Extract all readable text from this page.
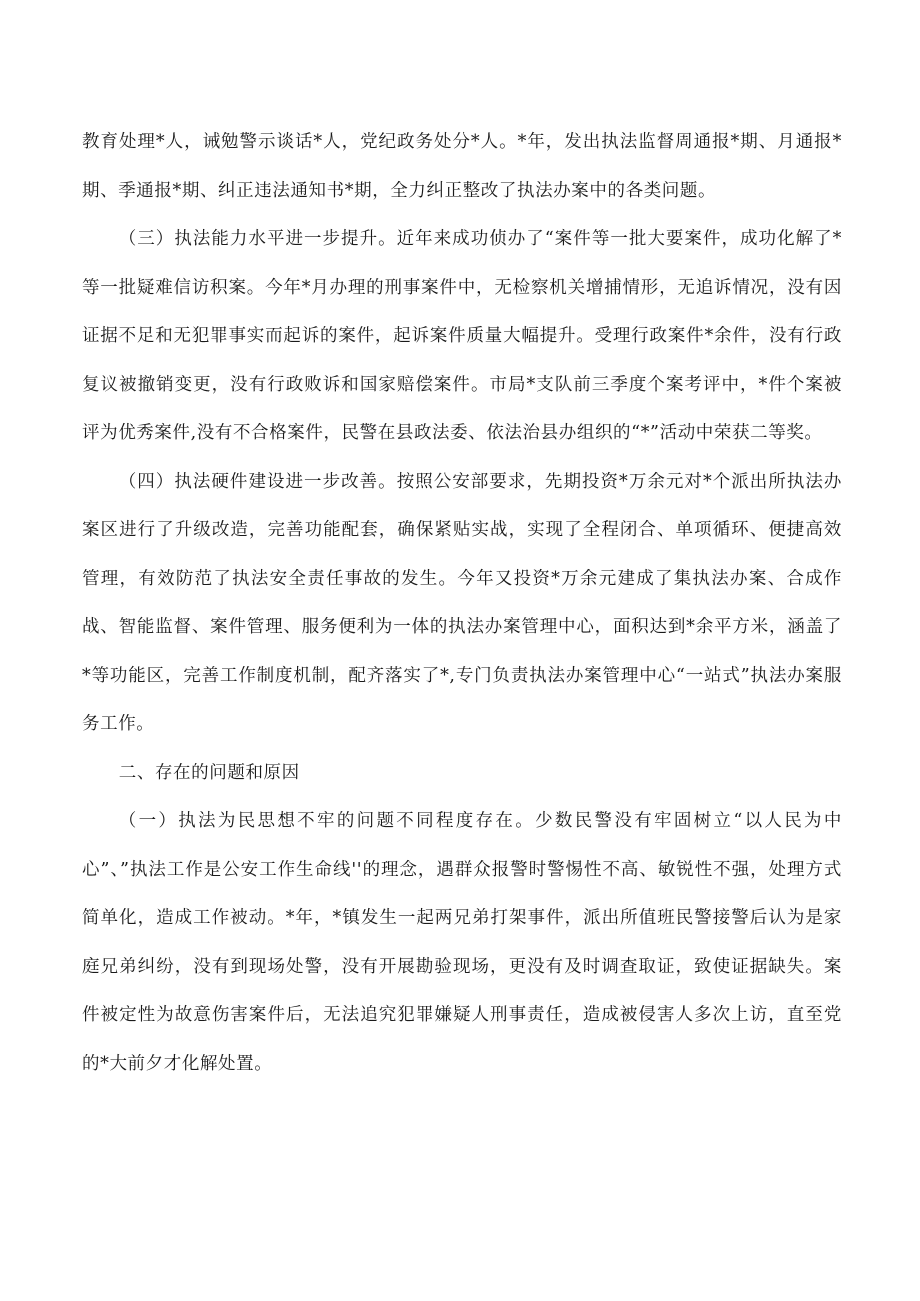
教育处理*人，诫勉警示谈话*人，党纪政务处分*人。*年，发出执法监督周通报*期、月通报*期、季通报*期、纠正违法通知书*期，全力纠正整改了执法办案中的各类问题。

（三）执法能力水平进一步提升。近年来成功侦办了“案件等一批大要案件，成功化解了*等一批疑难信访积案。今年*月办理的刑事案件中，无检察机关增捕情形，无追诉情况，没有因证据不足和无犯罪事实而起诉的案件，起诉案件质量大幅提升。受理行政案件*余件，没有行政复议被撤销变更，没有行政败诉和国家赔偿案件。市局*支队前三季度个案考评中，*件个案被评为优秀案件,没有不合格案件，民警在县政法委、依法治县办组织的“*”活动中荣获二等奖。

（四）执法硬件建设进一步改善。按照公安部要求，先期投资*万余元对*个派出所执法办案区进行了升级改造，完善功能配套，确保紧贴实战，实现了全程闭合、单项循环、便捷高效管理，有效防范了执法安全责任事故的发生。今年又投资*万余元建成了集执法办案、合成作战、智能监督、案件管理、服务便利为一体的执法办案管理中心，面积达到*余平方米，涵盖了*等功能区，完善工作制度机制，配齐落实了*,专门负责执法办案管理中心“一站式”执法办案服务工作。

二、存在的问题和原因

（一）执法为民思想不牢的问题不同程度存在。少数民警没有牢固树立“以人民为中心”、”执法工作是公安工作生命线''的理念，遇群众报警时警惕性不高、敏锐性不强，处理方式简单化，造成工作被动。*年，*镇发生一起两兄弟打架事件，派出所值班民警接警后认为是家庭兄弟纠纷，没有到现场处警，没有开展勘验现场，更没有及时调查取证，致使证据缺失。案件被定性为故意伤害案件后，无法追究犯罪嫌疑人刑事责任，造成被侵害人多次上访，直至党的*大前夕才化解处置。
